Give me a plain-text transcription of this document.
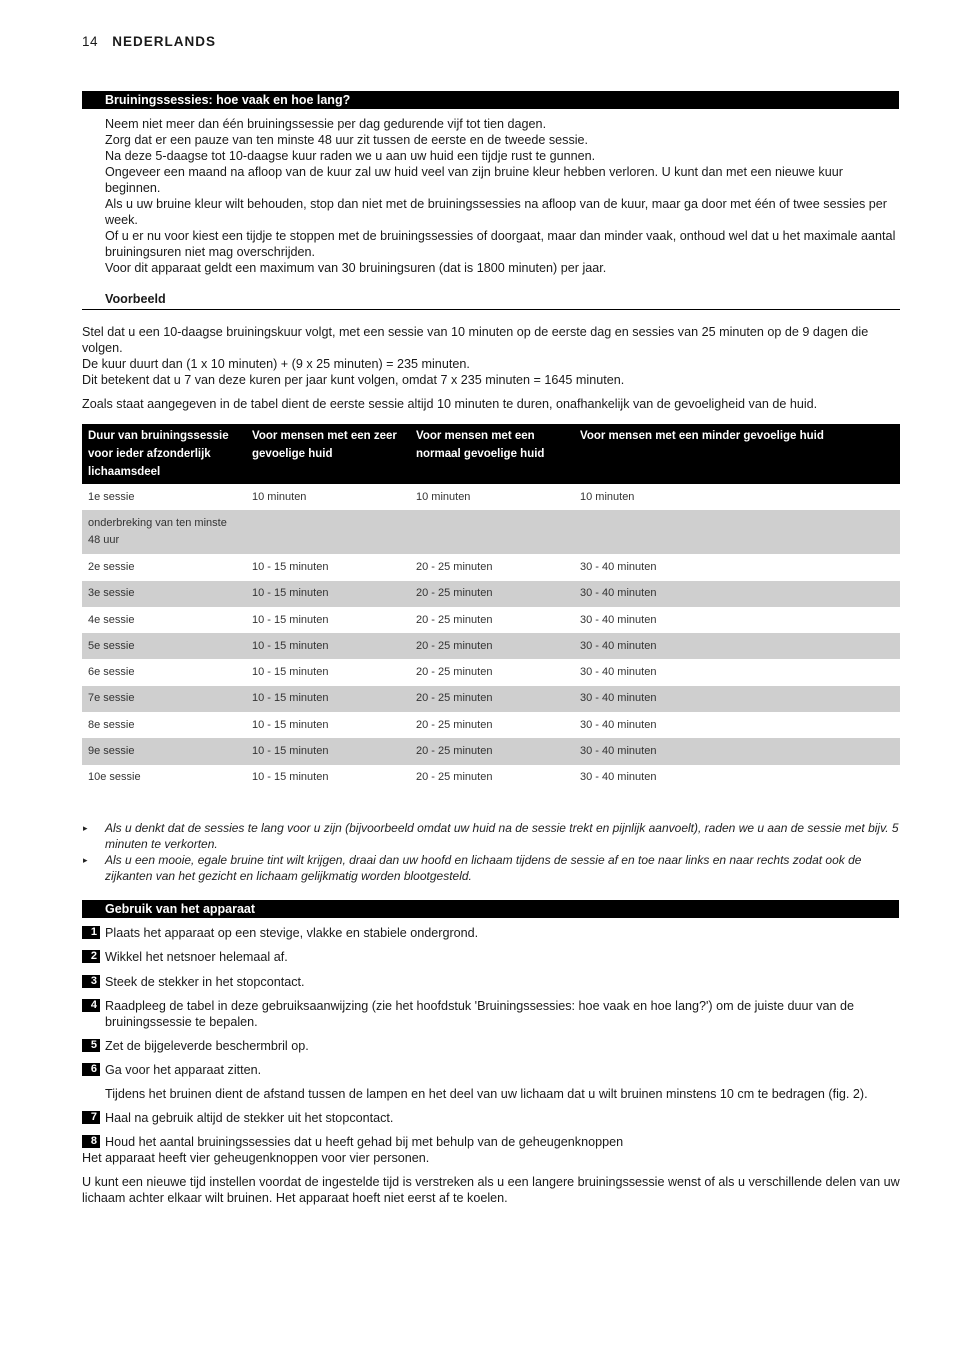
14 NEDERLANDS
Bruiningssessies: hoe vaak en hoe lang?
Neem niet meer dan één bruiningssessie per dag gedurende vijf tot tien dagen.
Zorg dat er een pauze van ten minste 48 uur zit tussen de eerste en de tweede sessie.
Na deze 5-daagse tot 10-daagse kuur raden we u aan uw huid een tijdje rust te gunnen.
Ongeveer een maand na afloop van de kuur zal uw huid veel van zijn bruine kleur hebben verloren. U kunt dan met een nieuwe kuur beginnen.
Als u uw bruine kleur wilt behouden, stop dan niet met de bruiningssessies na afloop van de kuur, maar ga door met één of twee sessies per week.
Of u er nu voor kiest een tijdje te stoppen met de bruiningssessies of doorgaat, maar dan minder vaak, onthoud wel dat u het maximale aantal bruiningsuren niet mag overschrijden.
Voor dit apparaat geldt een maximum van 30 bruiningsuren (dat is 1800 minuten) per jaar.
Voorbeeld
Stel dat u een 10-daagse bruiningskuur volgt, met een sessie van 10 minuten op de eerste dag en sessies van 25 minuten op de 9 dagen die volgen.
De kuur duurt dan (1 x 10 minuten) + (9 x 25 minuten) = 235 minuten.
Dit betekent dat u 7 van deze kuren per jaar kunt volgen, omdat 7 x 235 minuten = 1645 minuten.
Zoals staat aangegeven in de tabel dient de eerste sessie altijd 10 minuten te duren, onafhankelijk van de gevoeligheid van de huid.
Duur van bruiningssessie voor ieder afzonderlijk lichaamsdeel	Voor mensen met een zeer gevoelige huid	Voor mensen met een normaal gevoelige huid	Voor mensen met een minder gevoelige huid
1e sessie	10 minuten	10 minuten	10 minuten
onderbreking van ten minste 48 uur			
2e sessie	10 - 15 minuten	20 - 25 minuten	30 - 40 minuten
3e sessie	10 - 15 minuten	20 - 25 minuten	30 - 40 minuten
4e sessie	10 - 15 minuten	20 - 25 minuten	30 - 40 minuten
5e sessie	10 - 15 minuten	20 - 25 minuten	30 - 40 minuten
6e sessie	10 - 15 minuten	20 - 25 minuten	30 - 40 minuten
7e sessie	10 - 15 minuten	20 - 25 minuten	30 - 40 minuten
8e sessie	10 - 15 minuten	20 - 25 minuten	30 - 40 minuten
9e sessie	10 - 15 minuten	20 - 25 minuten	30 - 40 minuten
10e sessie	10 - 15 minuten	20 - 25 minuten	30 - 40 minuten
▸ Als u denkt dat de sessies te lang voor u zijn (bijvoorbeeld omdat uw huid na de sessie trekt en pijnlijk aanvoelt), raden we u aan de sessie met bijv. 5 minuten te verkorten.
▸ Als u een mooie, egale bruine tint wilt krijgen, draai dan uw hoofd en lichaam tijdens de sessie af en toe naar links en naar rechts zodat ook de zijkanten van het gezicht en lichaam gelijkmatig worden blootgesteld.
Gebruik van het apparaat
1 Plaats het apparaat op een stevige, vlakke en stabiele ondergrond.
2 Wikkel het netsnoer helemaal af.
3 Steek de stekker in het stopcontact.
4 Raadpleeg de tabel in deze gebruiksaanwijzing (zie het hoofdstuk 'Bruiningssessies: hoe vaak en hoe lang?') om de juiste duur van de bruiningssessie te bepalen.
5 Zet de bijgeleverde beschermbril op.
6 Ga voor het apparaat zitten.
Tijdens het bruinen dient de afstand tussen de lampen en het deel van uw lichaam dat u wilt bruinen minstens 10 cm te bedragen (fig. 2).
7 Haal na gebruik altijd de stekker uit het stopcontact.
8 Houd het aantal bruiningssessies dat u heeft gehad bij met behulp van de geheugenknoppen
Het apparaat heeft vier geheugenknoppen voor vier personen.
U kunt een nieuwe tijd instellen voordat de ingestelde tijd is verstreken als u een langere bruiningssessie wenst of als u verschillende delen van uw lichaam achter elkaar wilt bruinen. Het apparaat hoeft niet eerst af te koelen.
